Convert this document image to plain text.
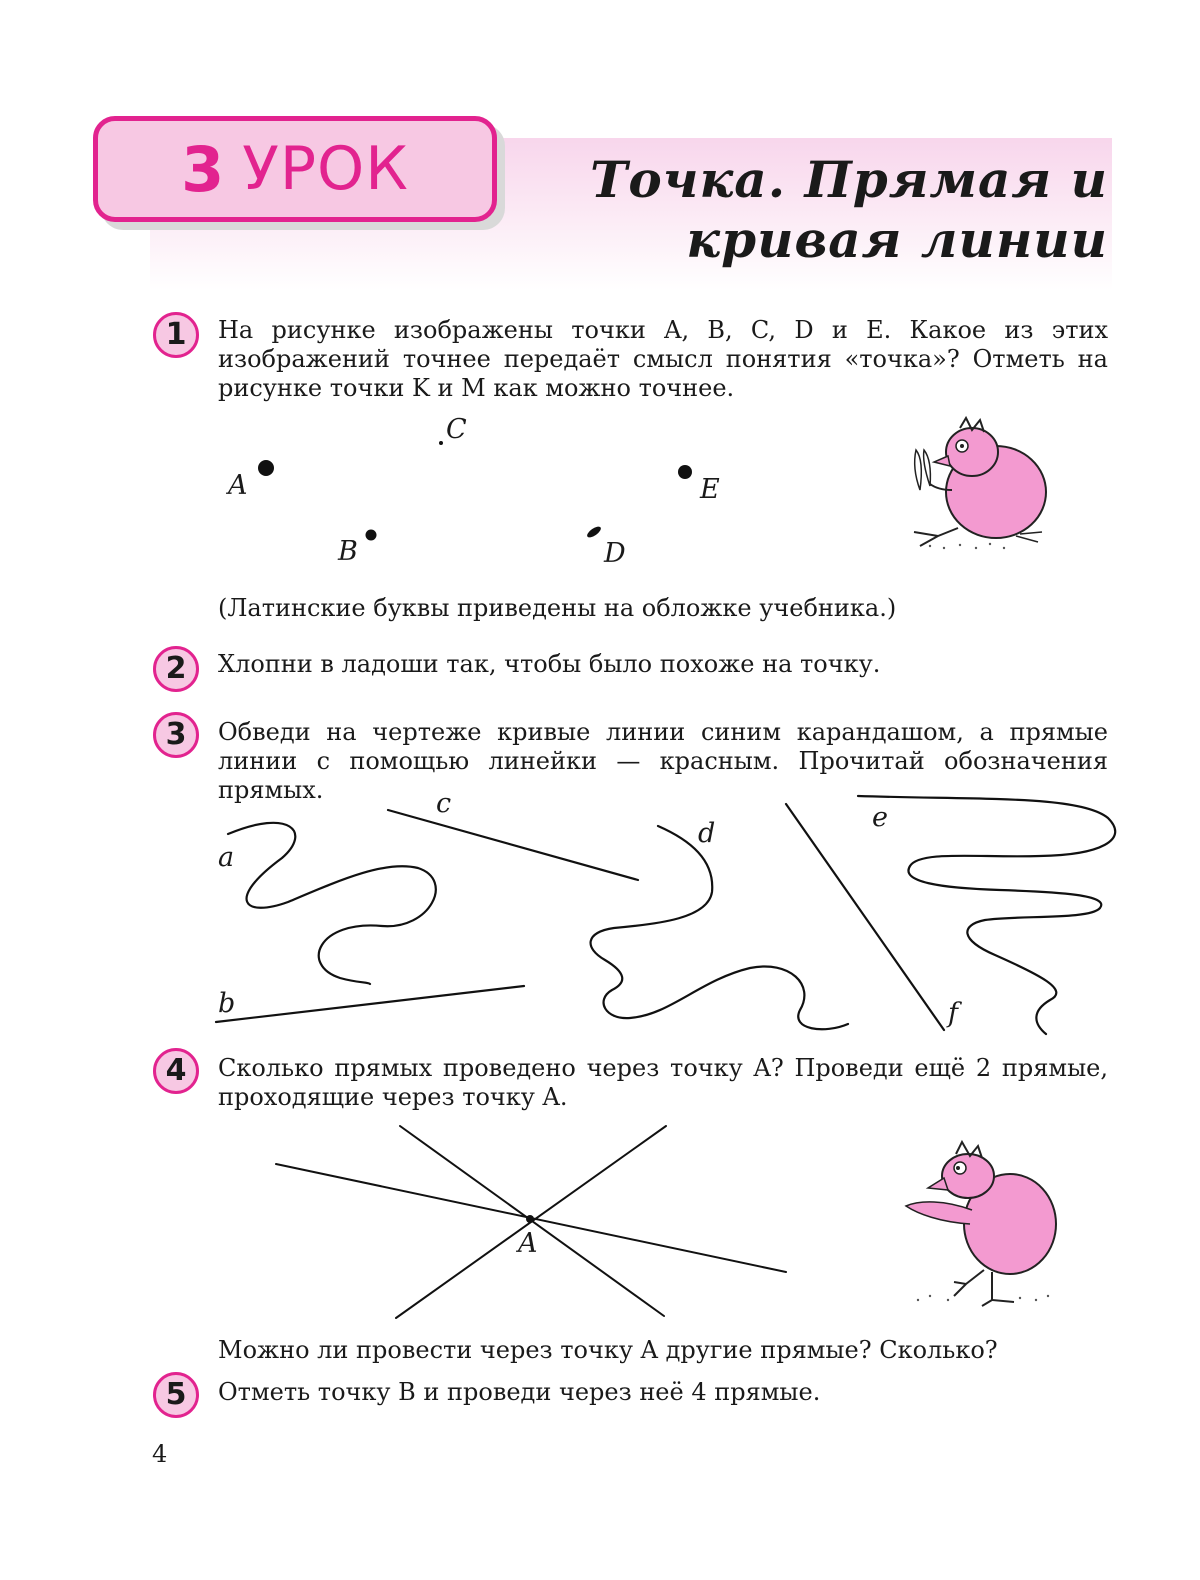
3 УРОК	Точка. Прямая и
кривая линии
1	На рисунке изображены точки A, B, C, D и E. Какое из этих изображений точнее передаёт смысл понятия «точка»? Отметь на рисунке точки K и M как можно точнее.
A
B
C
D
E
(Латинские буквы приведены на обложке учебника.)
2	Хлопни в ладоши так, чтобы было похоже на точку.
3	Обведи на чертеже кривые линии синим карандашом, а прямые линии с помощью линейки — красным. Прочитай обозначения прямых.
a
b
c
d
e
f
4	Сколько прямых проведено через точку A? Проведи ещё 2 прямые, проходящие через точку A.
A
Можно ли провести через точку A другие прямые? Сколько?
5	Отметь точку B и проведи через неё 4 прямые.
4
